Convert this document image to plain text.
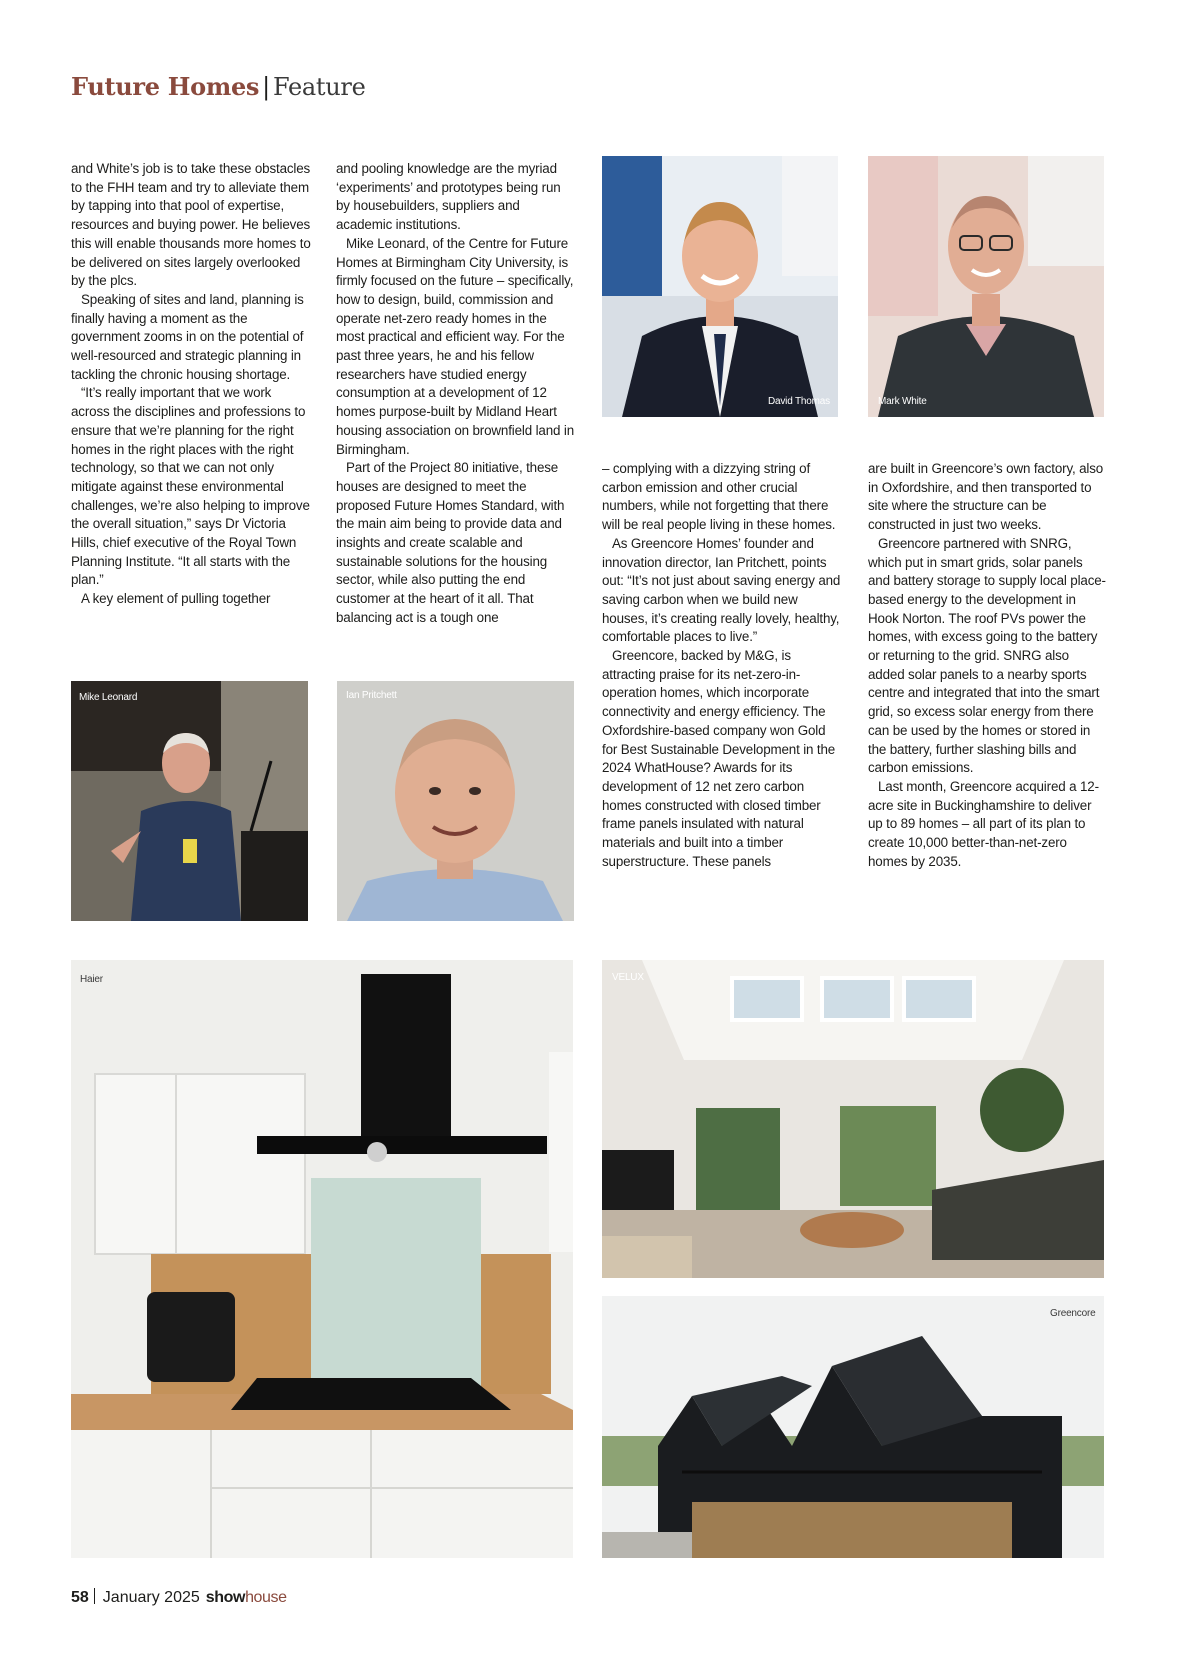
Future Homes | Feature

and White’s job is to take these obstacles to the FHH team and try to alleviate them by tapping into that pool of expertise, resources and buying power. He believes this will enable thousands more homes to be delivered on sites largely overlooked by the plcs.

Speaking of sites and land, planning is finally having a moment as the government zooms in on the potential of well-resourced and strategic planning in tackling the chronic housing shortage.

“It’s really important that we work across the disciplines and professions to ensure that we’re planning for the right homes in the right places with the right technology, so that we can not only mitigate against these environmental challenges, we’re also helping to improve the overall situation,” says Dr Victoria Hills, chief executive of the Royal Town Planning Institute. “It all starts with the plan.”

A key element of pulling together

and pooling knowledge are the myriad ‘experiments’ and prototypes being run by housebuilders, suppliers and academic institutions.

Mike Leonard, of the Centre for Future Homes at Birmingham City University, is firmly focused on the future – specifically, how to design, build, commission and operate net-zero ready homes in the most practical and efficient way. For the past three years, he and his fellow researchers have studied energy consumption at a development of 12 homes purpose-built by Midland Heart housing association on brownfield land in Birmingham.

Part of the Project 80 initiative, these houses are designed to meet the proposed Future Homes Standard, with the main aim being to provide data and insights and create scalable and sustainable solutions for the housing sector, while also putting the end customer at the heart of it all. That balancing act is a tough one

– complying with a dizzying string of carbon emission and other crucial numbers, while not forgetting that there will be real people living in these homes.

As Greencore Homes’ founder and innovation director, Ian Pritchett, points out: “It’s not just about saving energy and saving carbon when we build new houses, it’s creating really lovely, healthy, comfortable places to live.”

Greencore, backed by M&G, is attracting praise for its net-zero-in-operation homes, which incorporate connectivity and energy efficiency. The Oxfordshire-based company won Gold for Best Sustainable Development in the 2024 WhatHouse? Awards for its development of 12 net zero carbon homes constructed with closed timber frame panels insulated with natural materials and built into a timber superstructure. These panels

are built in Greencore’s own factory, also in Oxfordshire, and then transported to site where the structure can be constructed in just two weeks.

Greencore partnered with SNRG, which put in smart grids, solar panels and battery storage to supply local place-based energy to the development in Hook Norton. The roof PVs power the homes, with excess going to the battery or returning to the grid. SNRG also added solar panels to a nearby sports centre and integrated that into the smart grid, so excess solar energy from there can be used by the homes or stored in the battery, further slashing bills and carbon emissions.

Last month, Greencore acquired a 12-acre site in Buckinghamshire to deliver up to 89 homes – all part of its plan to create 10,000 better-than-net-zero homes by 2035.

David Thomas	Mark White
Mike Leonard	Ian Pritchett
Haier	VELUX
Greencore
58 January 2025 show house
